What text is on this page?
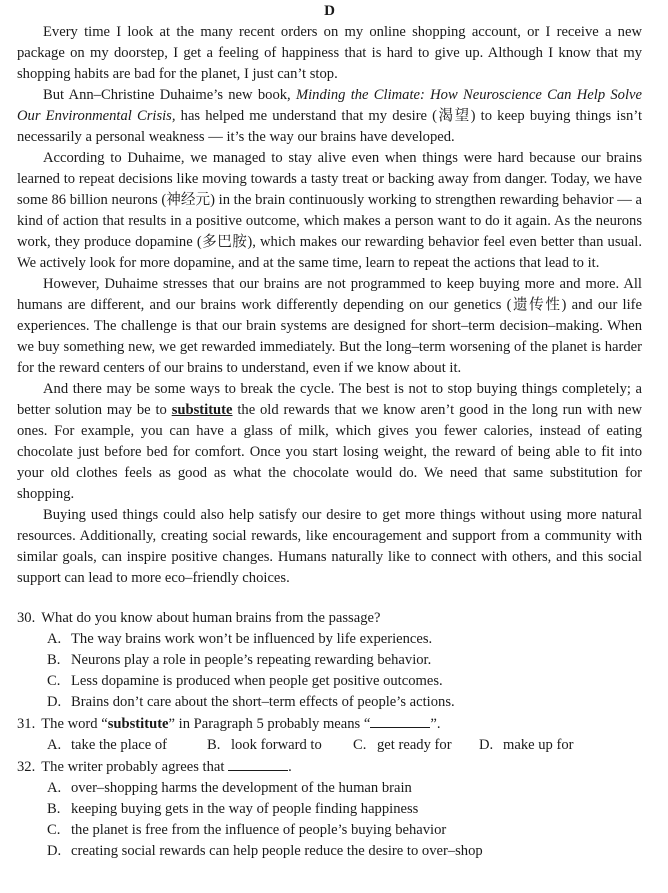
D

Every time I look at the many recent orders on my online shopping account, or I receive a new package on my doorstep, I get a feeling of happiness that is hard to give up. Although I know that my shopping habits are bad for the planet, I just can’t stop.

But Ann–Christine Duhaime’s new book, Minding the Climate: How Neuroscience Can Help Solve Our Environmental Crisis, has helped me understand that my desire (渴望) to keep buying things isn’t necessarily a personal weakness — it’s the way our brains have developed.

According to Duhaime, we managed to stay alive even when things were hard because our brains learned to repeat decisions like moving towards a tasty treat or backing away from danger. Today, we have some 86 billion neurons (神经元) in the brain continuously working to strengthen rewarding behavior — a kind of action that results in a positive outcome, which makes a person want to do it again. As the neurons work, they produce dopamine (多巴胺), which makes our rewarding behavior feel even better than usual. We actively look for more dopamine, and at the same time, learn to repeat the actions that lead to it.

However, Duhaime stresses that our brains are not programmed to keep buying more and more. All humans are different, and our brains work differently depending on our genetics (遗传性) and our life experiences. The challenge is that our brain systems are designed for short–term decision–making. When we buy something new, we get rewarded immediately. But the long–term worsening of the planet is harder for the reward centers of our brains to understand, even if we know about it.

And there may be some ways to break the cycle. The best is not to stop buying things completely; a better solution may be to substitute the old rewards that we know aren’t good in the long run with new ones. For example, you can have a glass of milk, which gives you fewer calories, instead of eating chocolate just before bed for comfort. Once you start losing weight, the reward of being able to fit into your old clothes feels as good as what the chocolate would do. We need that same substitution for shopping.

Buying used things could also help satisfy our desire to get more things without using more natural resources. Additionally, creating social rewards, like encouragement and support from a community with similar goals, can inspire positive changes. Humans naturally like to connect with others, and this social support can lead to more eco–friendly choices.

30. What do you know about human brains from the passage?
A. The way brains work won’t be influenced by life experiences.
B. Neurons play a role in people’s repeating rewarding behavior.
C. Less dopamine is produced when people get positive outcomes.
D. Brains don’t care about the short–term effects of people’s actions.
31. The word “substitute” in Paragraph 5 probably means “	”.
A. take the place of	B. look forward to	C. get ready for	D. make up for
32. The writer probably agrees that	.
A. over–shopping harms the development of the human brain
B. keeping buying gets in the way of people finding happiness
C. the planet is free from the influence of people’s buying behavior
D. creating social rewards can help people reduce the desire to over–shop
